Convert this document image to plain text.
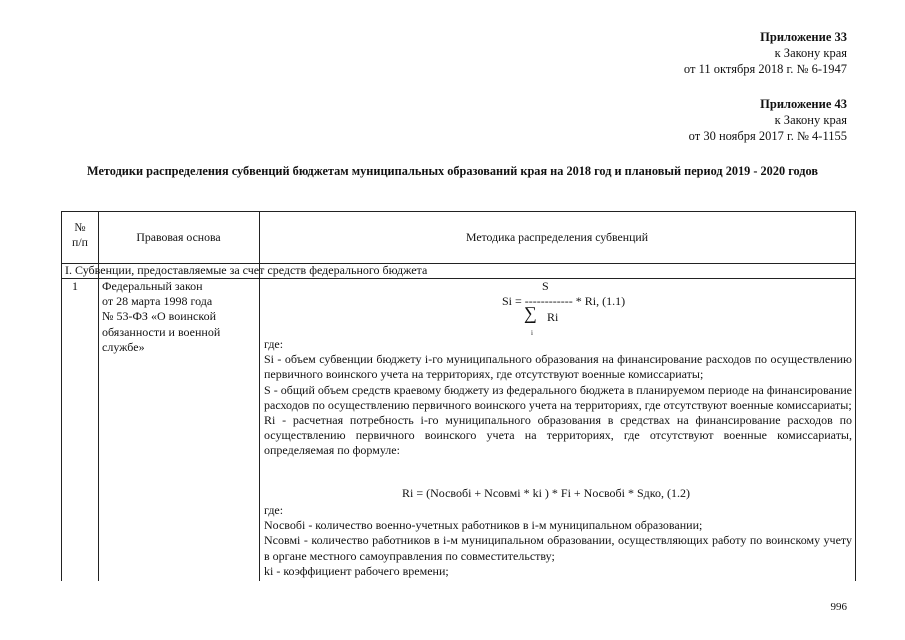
Приложение 33
к Закону края
от 11 октября 2018 г. № 6-1947
Приложение 43
к Закону края
от 30 ноября 2017 г. № 4-1155
Методики распределения субвенций бюджетам муниципальных образований края на 2018 год и плановый период 2019 - 2020 годов
№
п/п	Правовая основа	Методика распределения субвенций
I. Субвенции, предоставляемые за счет средств федерального бюджета
1 Федеральный закон
от 28 марта 1998 года
№ 53-ФЗ «О воинской
обязанности и военной
службе»
S
Si = ------------ * Ri, (1.1)
∑
i
Ri

где:

Si - объем субвенции бюджету i-го муниципального образования на финансирование расходов по осуществлению первичного воинского учета на территориях, где отсутствуют военные комиссариаты;

S - общий объем средств краевому бюджету из федерального бюджета в планируемом периоде на финансирование расходов по осуществлению первичного воинского учета на территориях, где отсутствуют военные комиссариаты;

Ri - расчетная потребность i-го муниципального образования в средствах на финансирование расходов по осуществлению первичного воинского учета на территориях, где отсутствуют военные комиссариаты, определяемая по формуле:

Ri = (Nосвобi + Nсовмi * ki ) * Fi + Nосвобi * Sдко, (1.2)

где:

Nосвобi - количество военно-учетных работников в i-м муниципальном образовании;

Nсовмi - количество работников в i-м муниципальном образовании, осуществляющих работу по воинскому учету в органе местного самоуправления по совместительству;

ki - коэффициент рабочего времени;

996
